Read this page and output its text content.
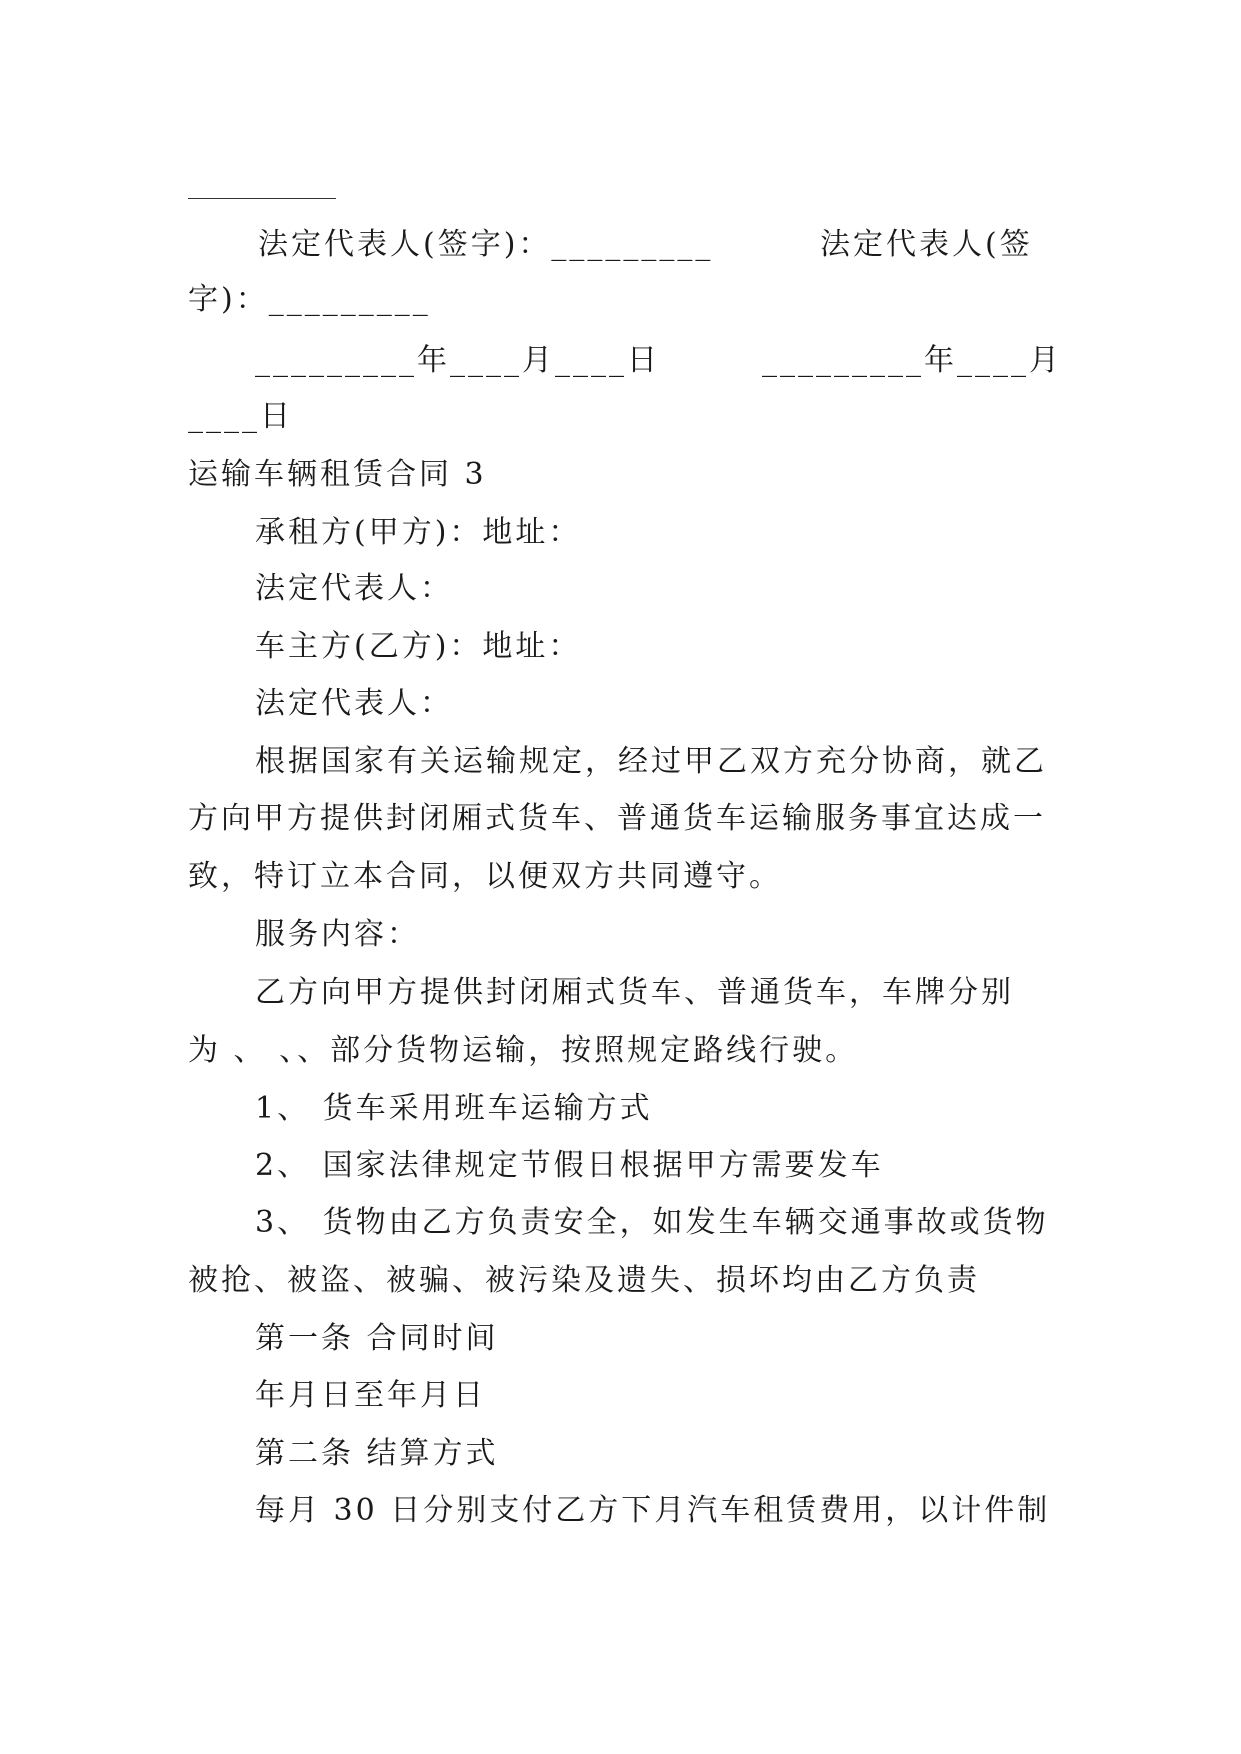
法定代表人(签字)：_________	法定代表人(签
字)：_________
_________年____月____日	_________年____月
____日
运输车辆租赁合同 3
承租方(甲方)：地址：
法定代表人：
车主方(乙方)：地址：
法定代表人：
根据国家有关运输规定，经过甲乙双方充分协商，就乙
方向甲方提供封闭厢式货车、普通货车运输服务事宜达成一
致，特订立本合同，以便双方共同遵守。
服务内容：
乙方向甲方提供封闭厢式货车、普通货车，车牌分别
为 、 、、部分货物运输，按照规定路线行驶。
1、 货车采用班车运输方式
2、 国家法律规定节假日根据甲方需要发车
3、 货物由乙方负责安全，如发生车辆交通事故或货物
被抢、被盗、被骗、被污染及遗失、损坏均由乙方负责
第一条 合同时间
年月日至年月日
第二条 结算方式
每月 30 日分别支付乙方下月汽车租赁费用，以计件制
